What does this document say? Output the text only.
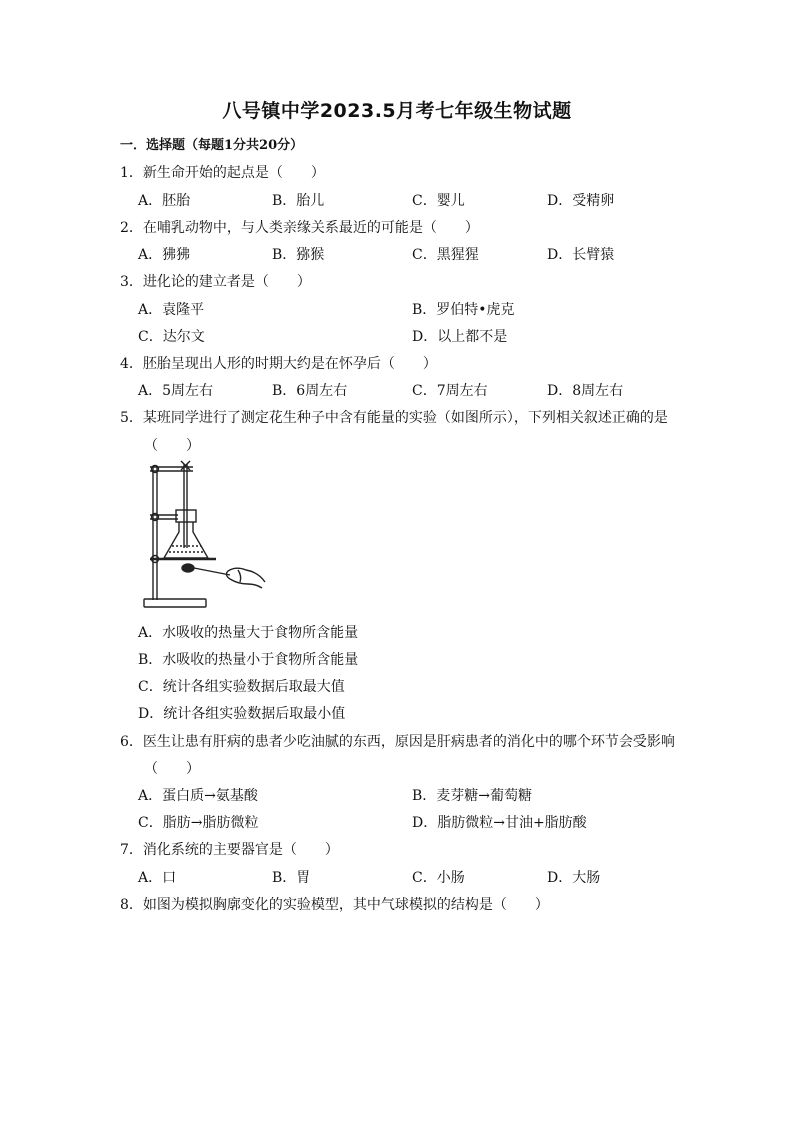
八号镇中学2023.5月考七年级生物试题
一．选择题（每题1分共20分）
1．新生命开始的起点是（　　）
A．胚胎	B．胎儿	C．婴儿	D．受精卵
2．在哺乳动物中，与人类亲缘关系最近的可能是（　　）
A．狒狒	B．猕猴	C．黑猩猩	D．长臂猿
3．进化论的建立者是（　　）
A．袁隆平	B．罗伯特•虎克
C．达尔文	D．以上都不是
4．胚胎呈现出人形的时期大约是在怀孕后（　　）
A．5周左右	B．6周左右	C．7周左右	D．8周左右
5．某班同学进行了测定花生种子中含有能量的实验（如图所示），下列相关叙述正确的是
（　　）
A．水吸收的热量大于食物所含能量
B．水吸收的热量小于食物所含能量
C．统计各组实验数据后取最大值
D．统计各组实验数据后取最小值
6．医生让患有肝病的患者少吃油腻的东西，原因是肝病患者的消化中的哪个环节会受影响
（　　）
A．蛋白质→氨基酸	B．麦芽糖→葡萄糖
C．脂肪→脂肪微粒	D．脂肪微粒→甘油+脂肪酸
7．消化系统的主要器官是（　　）
A．口	B．胃	C．小肠	D．大肠
8．如图为模拟胸廓变化的实验模型，其中气球模拟的结构是（　　）
